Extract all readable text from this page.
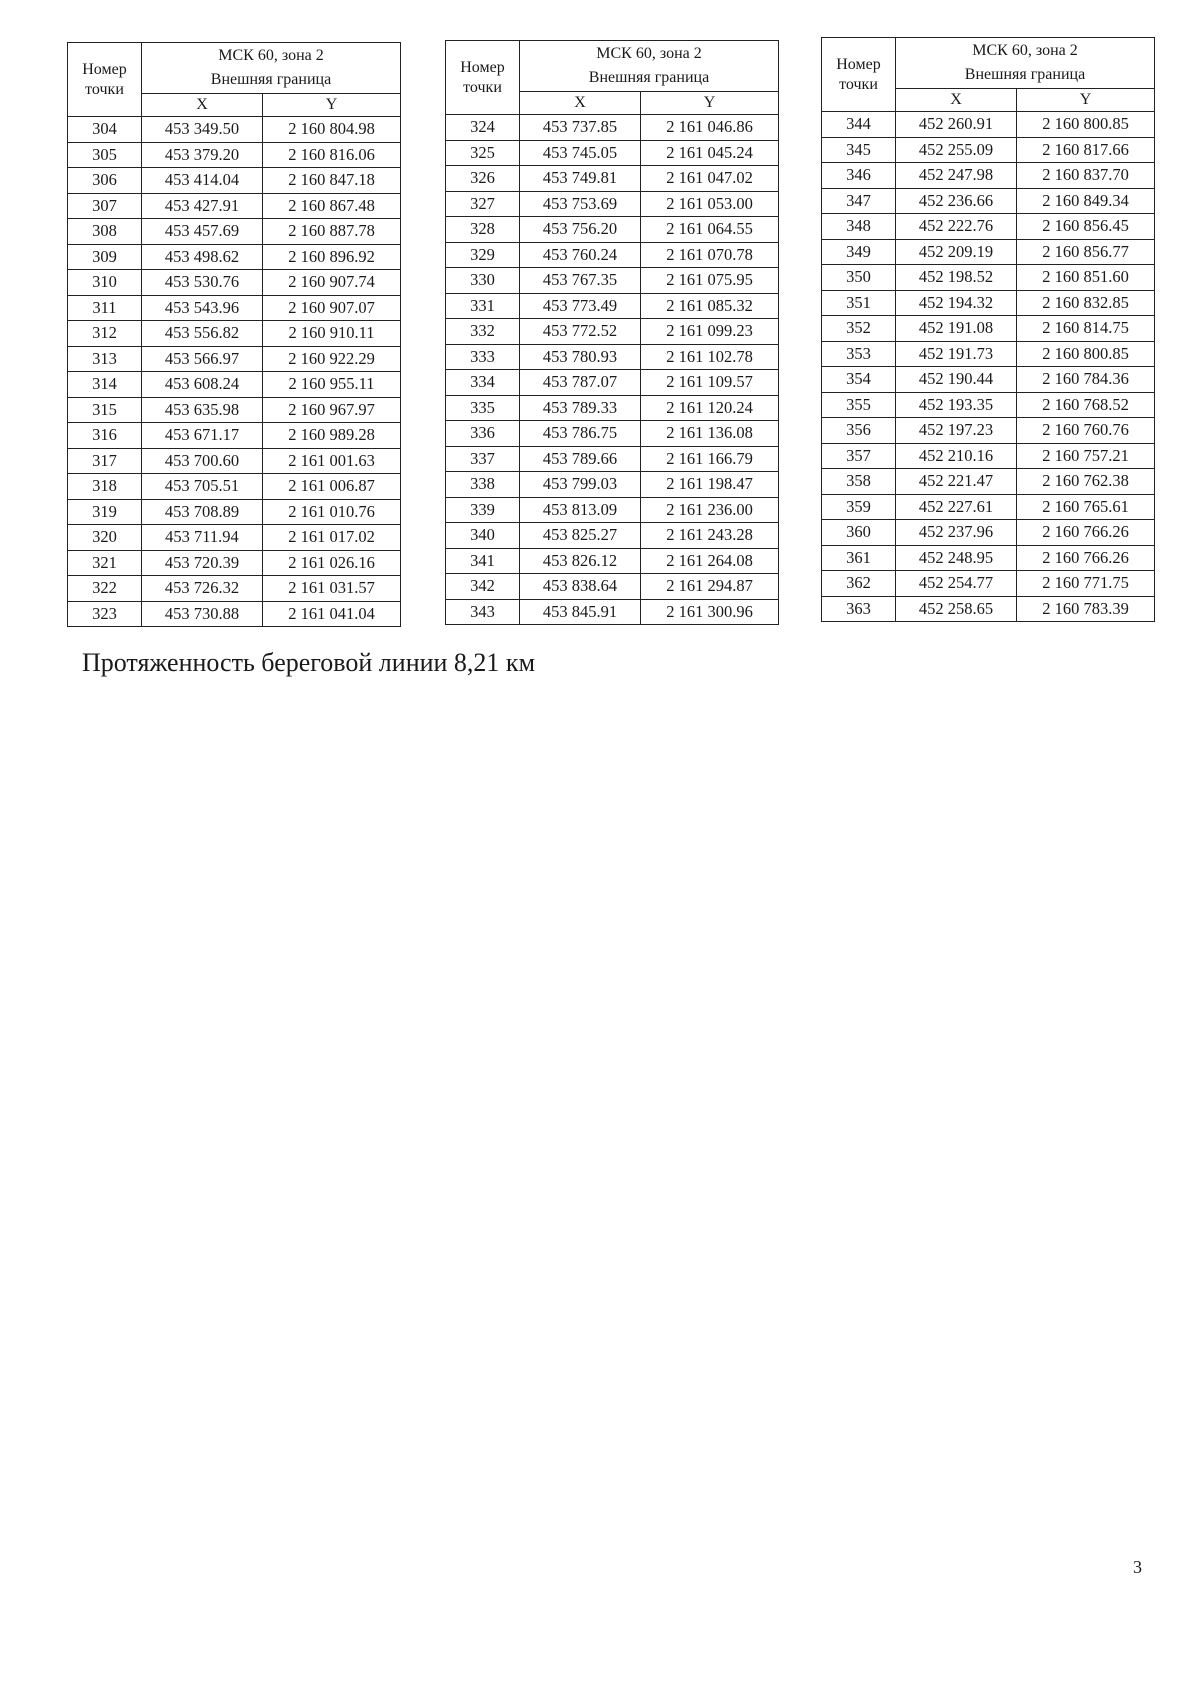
Номер
точки	МСК 60, зона 2
Внешняя граница	
	X	Y
304	453 349.50	2 160 804.98
305	453 379.20	2 160 816.06
306	453 414.04	2 160 847.18
307	453 427.91	2 160 867.48
308	453 457.69	2 160 887.78
309	453 498.62	2 160 896.92
310	453 530.76	2 160 907.74
311	453 543.96	2 160 907.07
312	453 556.82	2 160 910.11
313	453 566.97	2 160 922.29
314	453 608.24	2 160 955.11
315	453 635.98	2 160 967.97
316	453 671.17	2 160 989.28
317	453 700.60	2 161 001.63
318	453 705.51	2 161 006.87
319	453 708.89	2 161 010.76
320	453 711.94	2 161 017.02
321	453 720.39	2 161 026.16
322	453 726.32	2 161 031.57
323	453 730.88	2 161 041.04
Номер
точки	МСК 60, зона 2
Внешняя граница	
	X	Y
324	453 737.85	2 161 046.86
325	453 745.05	2 161 045.24
326	453 749.81	2 161 047.02
327	453 753.69	2 161 053.00
328	453 756.20	2 161 064.55
329	453 760.24	2 161 070.78
330	453 767.35	2 161 075.95
331	453 773.49	2 161 085.32
332	453 772.52	2 161 099.23
333	453 780.93	2 161 102.78
334	453 787.07	2 161 109.57
335	453 789.33	2 161 120.24
336	453 786.75	2 161 136.08
337	453 789.66	2 161 166.79
338	453 799.03	2 161 198.47
339	453 813.09	2 161 236.00
340	453 825.27	2 161 243.28
341	453 826.12	2 161 264.08
342	453 838.64	2 161 294.87
343	453 845.91	2 161 300.96
Номер
точки	МСК 60, зона 2
Внешняя граница	
	X	Y
344	452 260.91	2 160 800.85
345	452 255.09	2 160 817.66
346	452 247.98	2 160 837.70
347	452 236.66	2 160 849.34
348	452 222.76	2 160 856.45
349	452 209.19	2 160 856.77
350	452 198.52	2 160 851.60
351	452 194.32	2 160 832.85
352	452 191.08	2 160 814.75
353	452 191.73	2 160 800.85
354	452 190.44	2 160 784.36
355	452 193.35	2 160 768.52
356	452 197.23	2 160 760.76
357	452 210.16	2 160 757.21
358	452 221.47	2 160 762.38
359	452 227.61	2 160 765.61
360	452 237.96	2 160 766.26
361	452 248.95	2 160 766.26
362	452 254.77	2 160 771.75
363	452 258.65	2 160 783.39
Протяженность береговой линии 8,21 км
3
